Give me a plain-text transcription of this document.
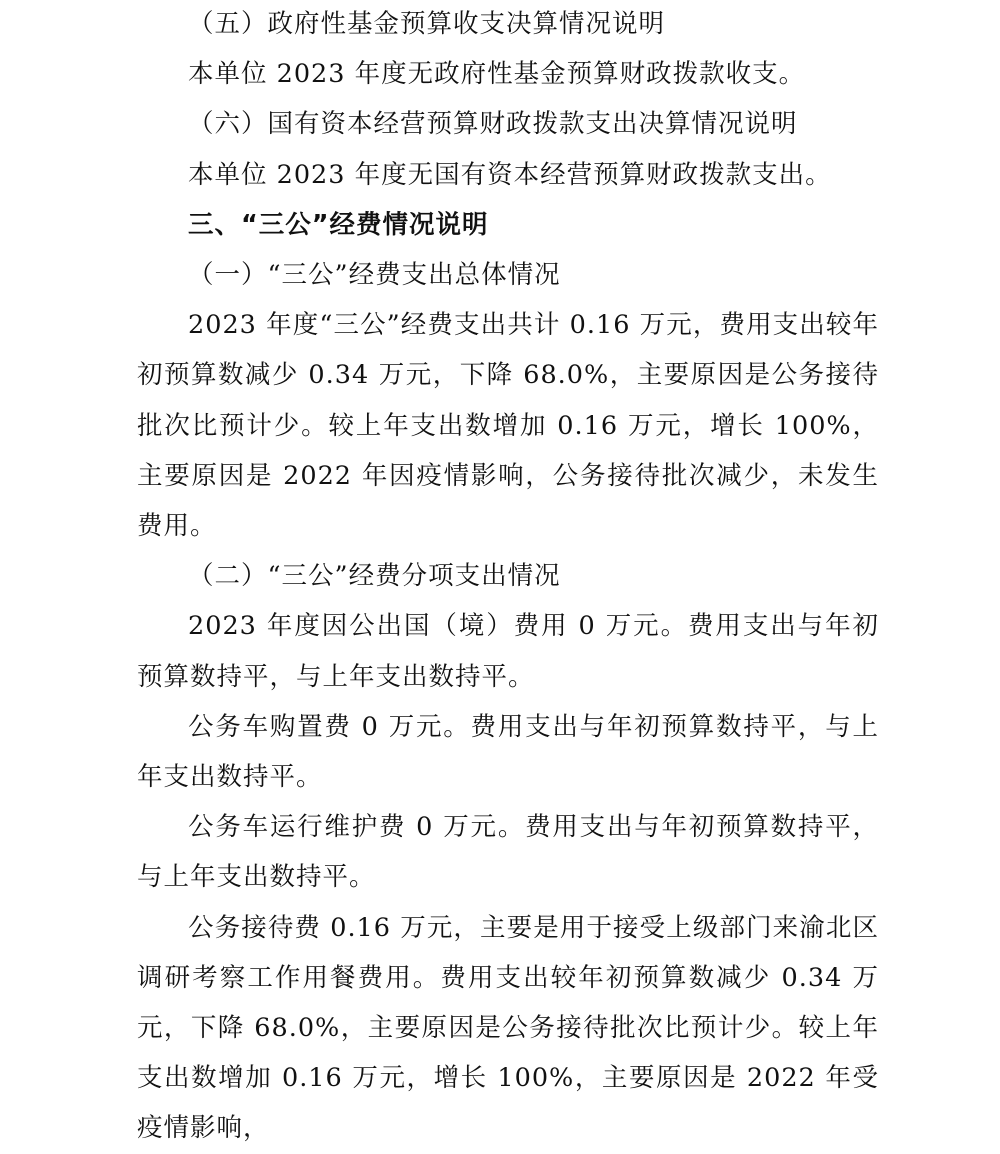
（五）政府性基金预算收支决算情况说明

本单位 2023 年度无政府性基金预算财政拨款收支。

（六）国有资本经营预算财政拨款支出决算情况说明

本单位 2023 年度无国有资本经营预算财政拨款支出。

三、“三公”经费情况说明

（一）“三公”经费支出总体情况

2023 年度“三公”经费支出共计 0.16 万元，费用支出较年初预算数减少 0.34 万元，下降 68.0%，主要原因是公务接待批次比预计少。较上年支出数增加 0.16 万元，增长 100%，主要原因是 2022 年因疫情影响，公务接待批次减少，未发生费用。

（二）“三公”经费分项支出情况

2023 年度因公出国（境）费用 0 万元。费用支出与年初预算数持平，与上年支出数持平。

公务车购置费 0 万元。费用支出与年初预算数持平，与上年支出数持平。

公务车运行维护费 0 万元。费用支出与年初预算数持平，与上年支出数持平。

公务接待费 0.16 万元，主要是用于接受上级部门来渝北区调研考察工作用餐费用。费用支出较年初预算数减少 0.34 万元，下降 68.0%，主要原因是公务接待批次比预计少。较上年支出数增加 0.16 万元，增长 100%，主要原因是 2022 年受疫情影响，
